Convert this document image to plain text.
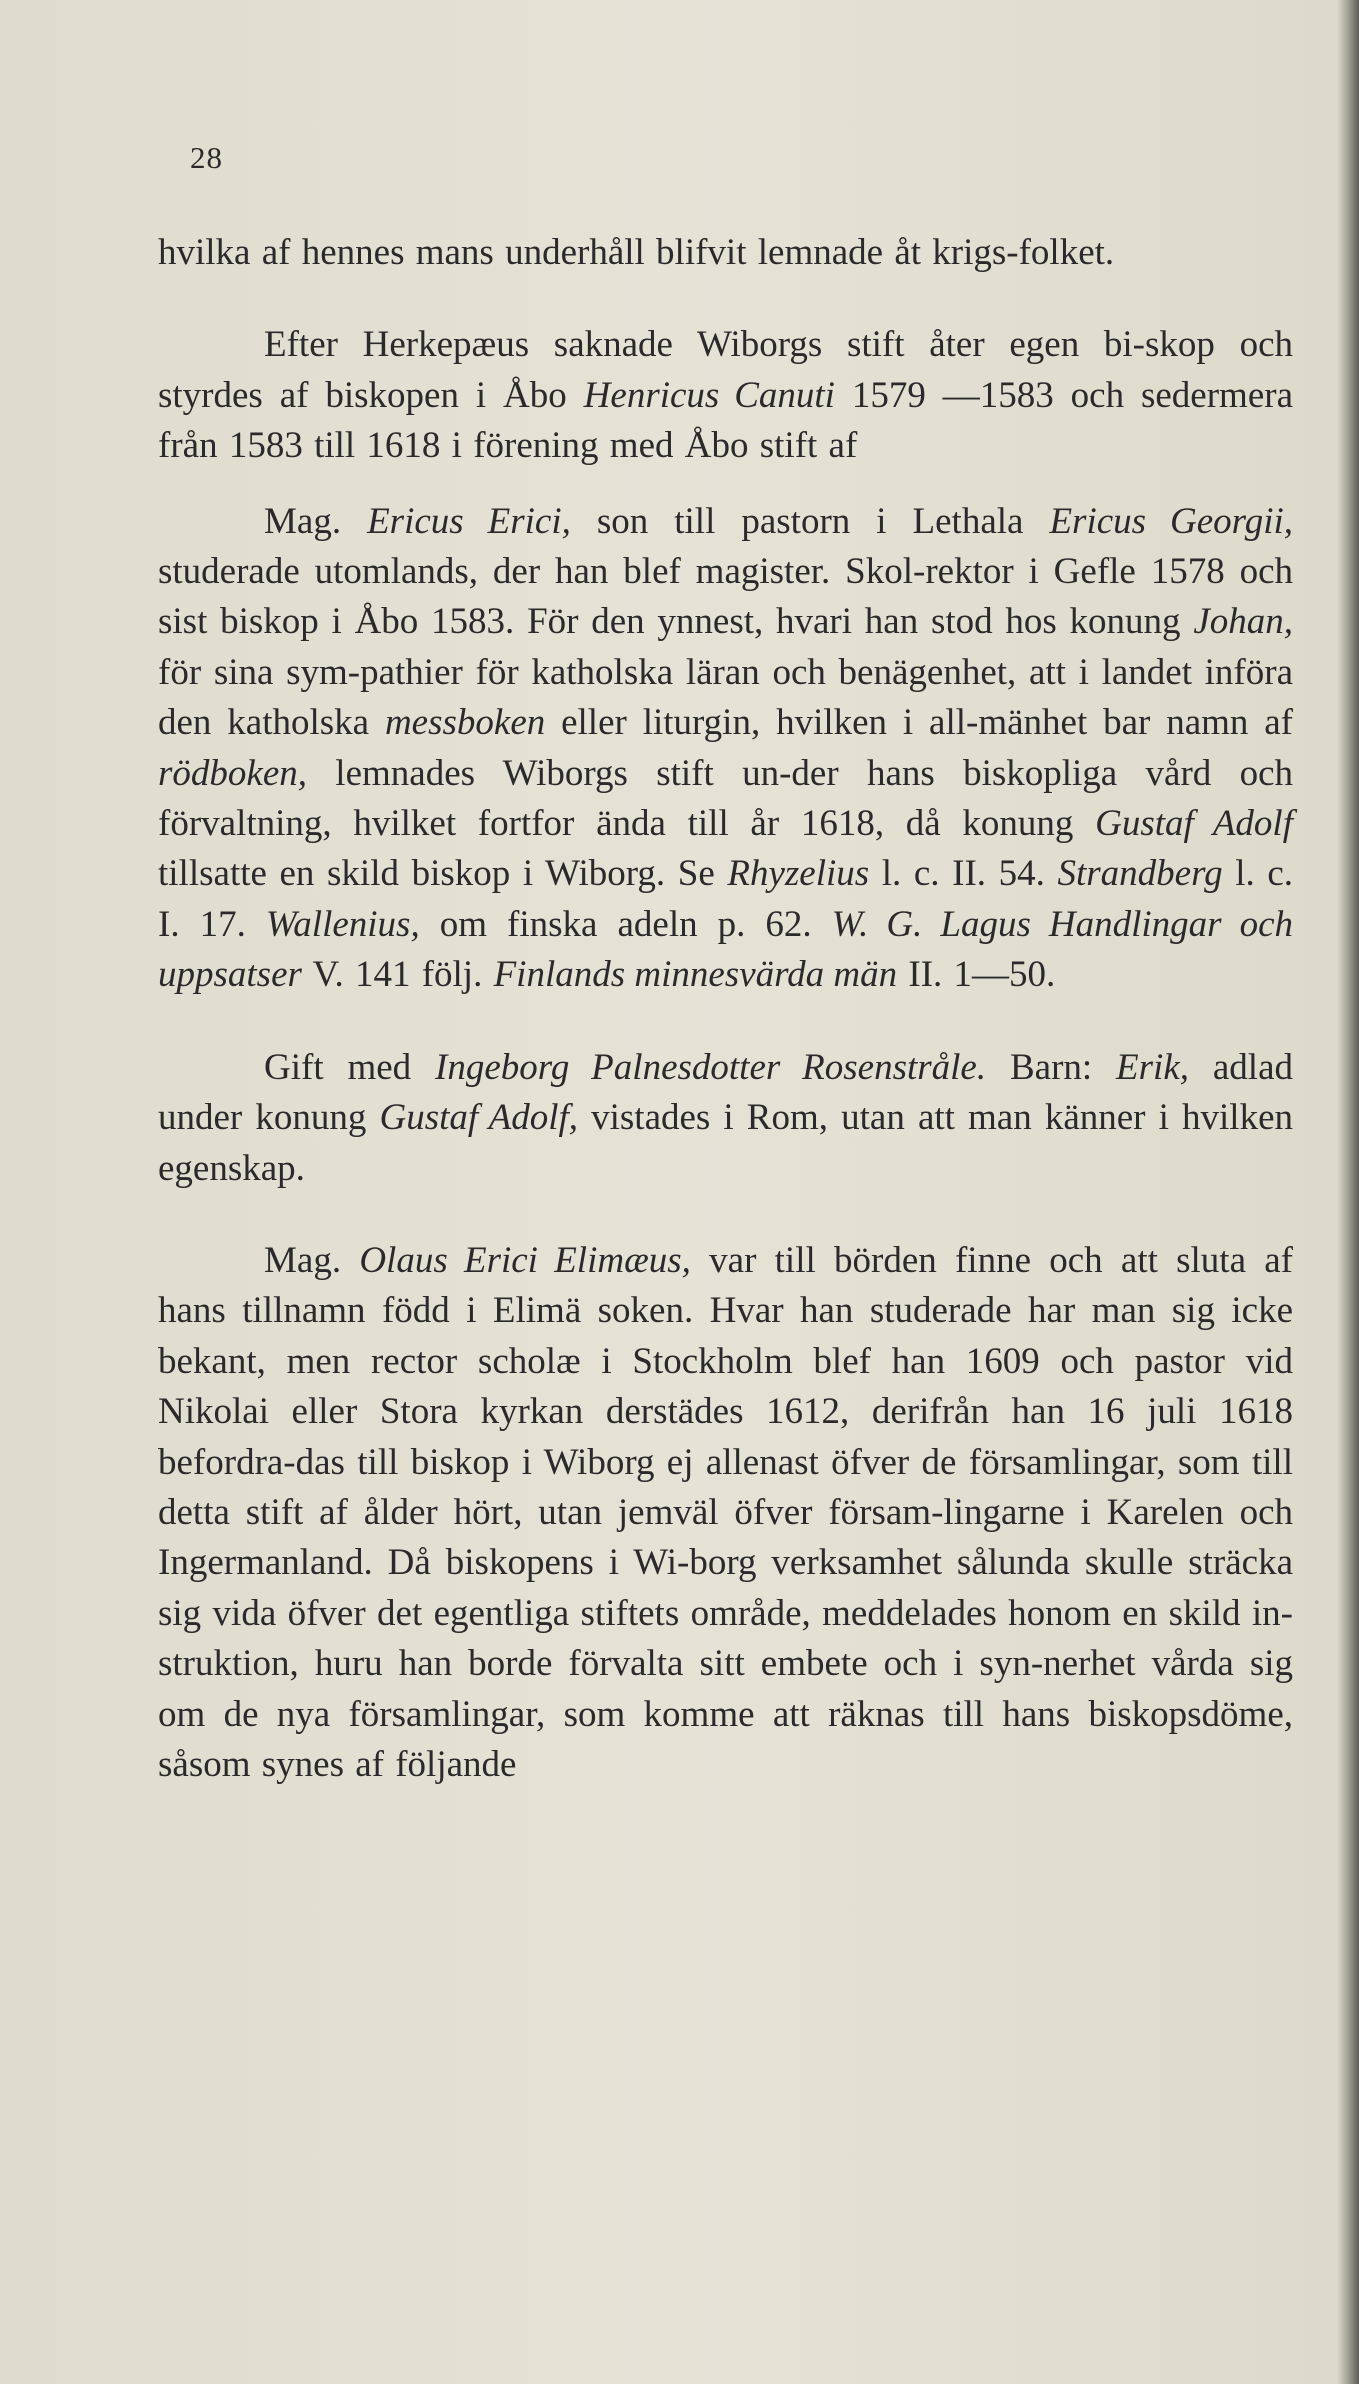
28

hvilka af hennes mans underhåll blifvit lemnade åt krigs-folket.

Efter Herkepæus saknade Wiborgs stift åter egen bi-skop och styrdes af biskopen i Åbo Henricus Canuti 1579 —1583 och sedermera från 1583 till 1618 i förening med Åbo stift af

Mag. Ericus Erici, son till pastorn i Lethala Ericus Georgii, studerade utomlands, der han blef magister. Skol-rektor i Gefle 1578 och sist biskop i Åbo 1583. För den ynnest, hvari han stod hos konung Johan, för sina sym-pathier för katholska läran och benägenhet, att i landet införa den katholska messboken eller liturgin, hvilken i all-mänhet bar namn af rödboken, lemnades Wiborgs stift un-der hans biskopliga vård och förvaltning, hvilket fortfor ända till år 1618, då konung Gustaf Adolf tillsatte en skild biskop i Wiborg. Se Rhyzelius l. c. II. 54. Strandberg l. c. I. 17. Wallenius, om finska adeln p. 62. W. G. Lagus Handlingar och uppsatser V. 141 följ. Finlands minnesvärda män II. 1—50.

Gift med Ingeborg Palnesdotter Rosenstråle. Barn: Erik, adlad under konung Gustaf Adolf, vistades i Rom, utan att man känner i hvilken egenskap.

Mag. Olaus Erici Elimæus, var till börden finne och att sluta af hans tillnamn född i Elimä soken. Hvar han studerade har man sig icke bekant, men rector scholæ i Stockholm blef han 1609 och pastor vid Nikolai eller Stora kyrkan derstädes 1612, derifrån han 16 juli 1618 befordra-das till biskop i Wiborg ej allenast öfver de församlingar, som till detta stift af ålder hört, utan jemväl öfver försam-lingarne i Karelen och Ingermanland. Då biskopens i Wi-borg verksamhet sålunda skulle sträcka sig vida öfver det egentliga stiftets område, meddelades honom en skild in-struktion, huru han borde förvalta sitt embete och i syn-nerhet vårda sig om de nya församlingar, som komme att räknas till hans biskopsdöme, såsom synes af följande
